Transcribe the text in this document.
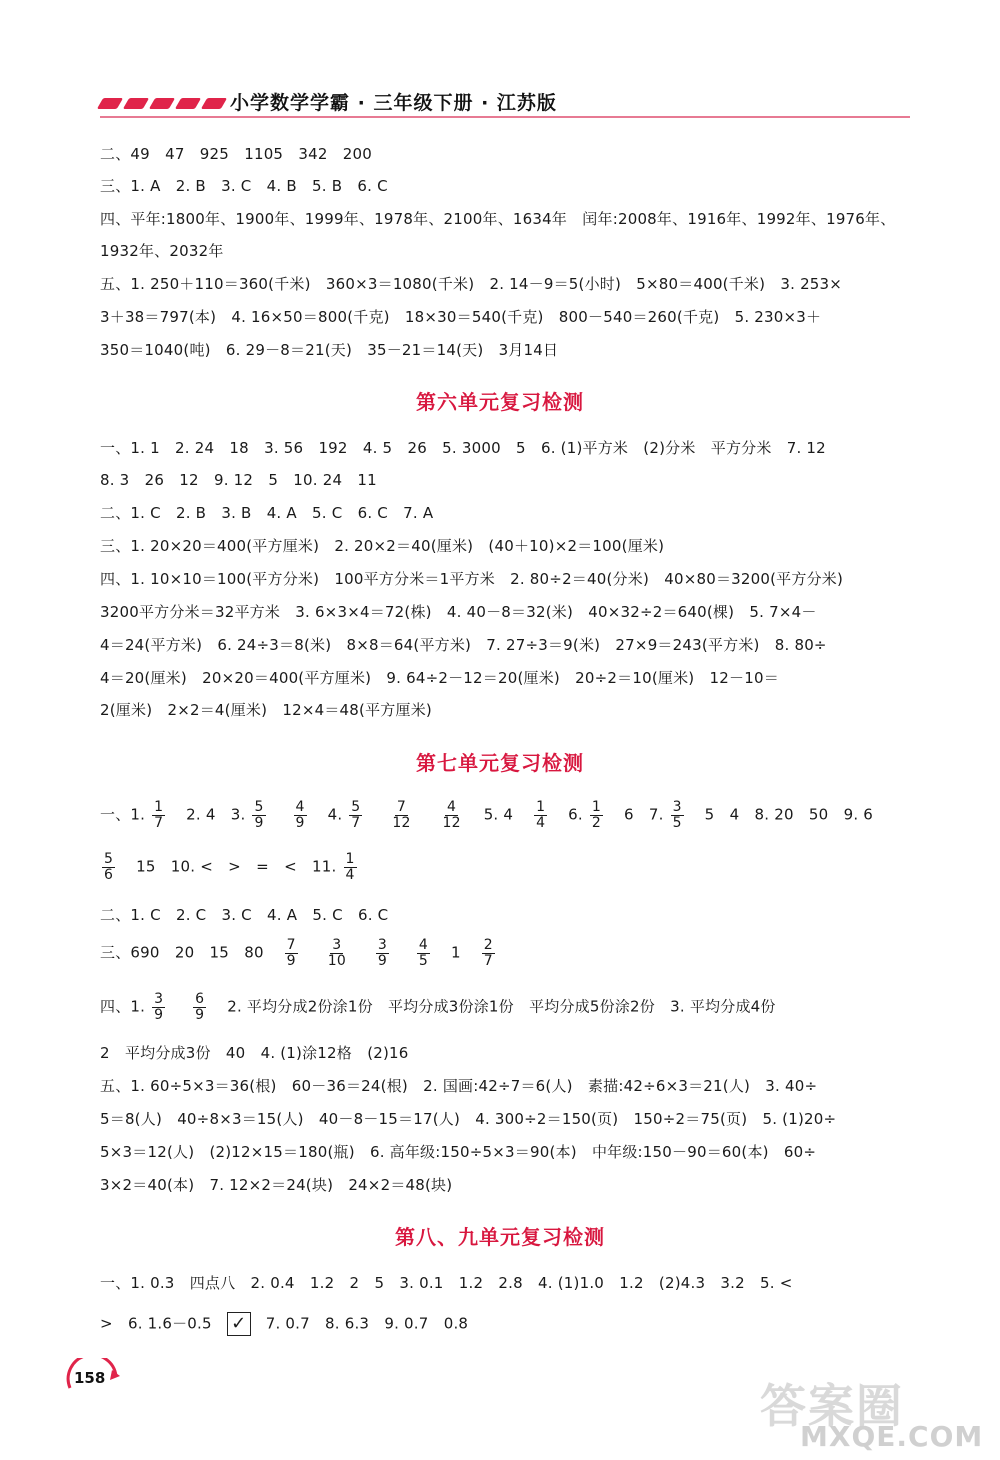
小学数学学霸 · 三年级下册 · 江苏版
二、49　47　925　1105　342　200
三、1. A　2. B　3. C　4. B　5. B　6. C
四、平年:1800年、1900年、1999年、1978年、2100年、1634年　闰年:2008年、1916年、1992年、1976年、
1932年、2032年
五、1. 250＋110＝360(千米)　360×3＝1080(千米)　2. 14－9＝5(小时)　5×80＝400(千米)　3. 253×
3＋38＝797(本)　4. 16×50＝800(千克)　18×30＝540(千克)　800－540＝260(千克)　5. 230×3＋
350＝1040(吨)　6. 29－8＝21(天)　35－21＝14(天)　3月14日
第六单元复习检测
一、1. 1　2. 24　18　3. 56　192　4. 5　26　5. 3000　5　6. (1)平方米　(2)分米　平方分米　7. 12
8. 3　26　12　9. 12　5　10. 24　11
二、1. C　2. B　3. B　4. A　5. C　6. C　7. A
三、1. 20×20＝400(平方厘米)　2. 20×2＝40(厘米)　(40＋10)×2＝100(厘米)
四、1. 10×10＝100(平方分米)　100平方分米＝1平方米　2. 80÷2＝40(分米)　40×80＝3200(平方分米)
3200平方分米＝32平方米　3. 6×3×4＝72(株)　4. 40－8＝32(米)　40×32÷2＝640(棵)　5. 7×4－
4＝24(平方米)　6. 24÷3＝8(米)　8×8＝64(平方米)　7. 27÷3＝9(米)　27×9＝243(平方米)　8. 80÷
4＝20(厘米)　20×20＝400(平方厘米)　9. 64÷2－12＝20(厘米)　20÷2＝10(厘米)　12－10＝
2(厘米)　2×2＝4(厘米)　12×4＝48(平方厘米)
第七单元复习检测
一、1. $\frac{1}{7} 2$. 4　3. $\frac{5}{9}$
$\frac{4}{9} 4$. $\frac{5}{7}$
$\frac{7}{12}$
$\frac{4}{12} 5$. $4 \frac{1}{4} 6$. $\frac{1}{2} 6$　7. $\frac{3}{5} 5$　4　8. 20　50　9. 6
$\frac{5}{6} 15$　10. <　>　=　<　11. $\frac{1}{4}$
二、1. C　2. C　3. C　4. A　5. C　6. C
三、690　20　15　$80 \frac{7}{9}$
$\frac{3}{10}$
$\frac{3}{9}$
$\frac{4}{5} 1 \frac{2}{7}$
四、1. $\frac{3}{9}$
$\frac{6}{9} 2$. 平均分成2份涂1份　平均分成3份涂1份　平均分成5份涂2份　3. 平均分成4份
2　平均分成3份　40　4. (1)涂12格　(2)16
五、1. 60÷5×3＝36(根)　60－36＝24(根)　2. 国画:42÷7＝6(人)　素描:42÷6×3＝21(人)　3. 40÷
5＝8(人)　40÷8×3＝15(人)　40－8－15＝17(人)　4. 300÷2＝150(页)　150÷2＝75(页)　5. (1)20÷
5×3＝12(人)　(2)12×15＝180(瓶)　6. 高年级:150÷5×3＝90(本)　中年级:150－90＝60(本)　60÷
3×2＝40(本)　7. 12×2＝24(块)　24×2＝48(块)
第八、九单元复习检测
一、1. 0.3　四点八　2. 0.4　1.2　2　5　3. 0.1　1.2　2.8　4. (1)1.0　1.2　(2)4.3　3.2　5. <
>　6. 1.6－0.5 ✓ 7. 0.7　8. 6.3　9. 0.7　0.8
158
答案圈
MXQE.COM
